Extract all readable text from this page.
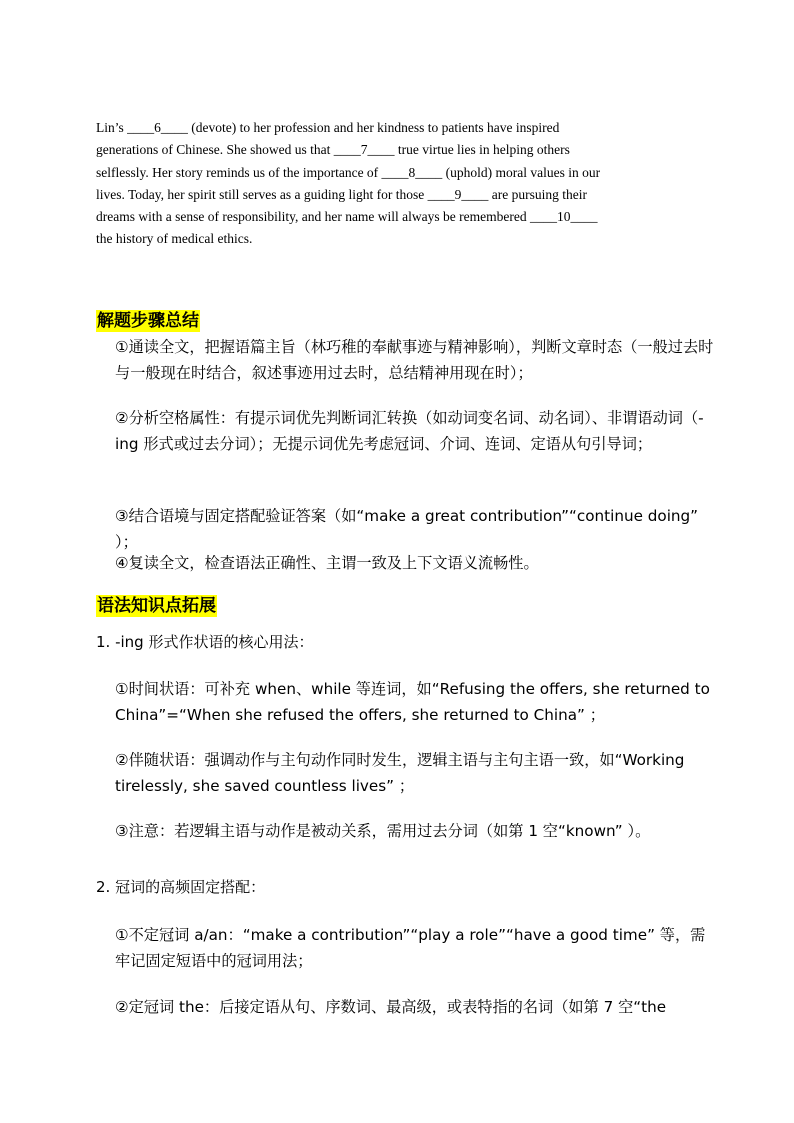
Lin’s ____6____ (devote) to her profession and her kindness to patients have inspired
generations of Chinese. She showed us that ____7____ true virtue lies in helping others
selflessly. Her story reminds us of the importance of ____8____ (uphold) moral values in our
lives. Today, her spirit still serves as a guiding light for those ____9____ are pursuing their
dreams with a sense of responsibility, and her name will always be remembered ____10____
the history of medical ethics.
解题步骤总结
①通读全文，把握语篇主旨（林巧稚的奉献事迹与精神影响），判断文章时态（一般过去时与一般现在时结合，叙述事迹用过去时，总结精神用现在时）；
②分析空格属性：有提示词优先判断词汇转换（如动词变名词、动名词）、非谓语动词（-ing 形式或过去分词）；无提示词优先考虑冠词、介词、连词、定语从句引导词；
③结合语境与固定搭配验证答案（如“make a great contribution”“continue doing” ）；
④复读全文，检查语法正确性、主谓一致及上下文语义流畅性。
语法知识点拓展
1. -ing 形式作状语的核心用法：
①时间状语：可补充 when、while 等连词，如“Refusing the offers, she returned to China”=“When she refused the offers, she returned to China” ；
②伴随状语：强调动作与主句动作同时发生，逻辑主语与主句主语一致，如“Working tirelessly, she saved countless lives” ；
③注意：若逻辑主语与动作是被动关系，需用过去分词（如第 1 空“known” ）。
2. 冠词的高频固定搭配：
①不定冠词 a/an：“make a contribution”“play a role”“have a good time” 等，需牢记固定短语中的冠词用法；
②定冠词 the：后接定语从句、序数词、最高级，或表特指的名词（如第 7 空“the
